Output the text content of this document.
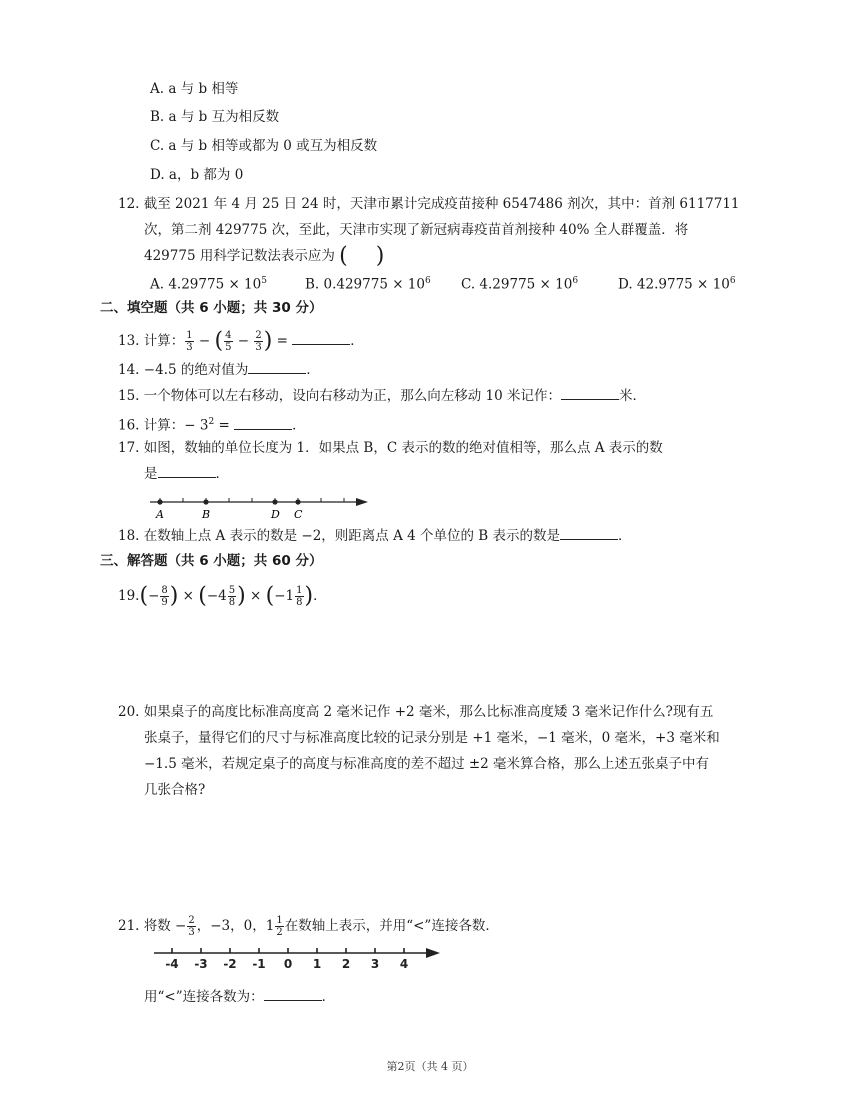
A. a 与 b 相等
B. a 与 b 互为相反数
C. a 与 b 相等或都为 0 或互为相反数
D. a，b 都为 0
12. 截至 2021 年 4 月 25 日 24 时，天津市累计完成疫苗接种 6547486 剂次，其中：首剂 6117711
次，第二剂 429775 次，至此，天津市实现了新冠病毒疫苗首剂接种 40% 全人群覆盖．将
429775 用科学记数法表示应为 ( )
A. $4.29775 \times 10^5$	B. $0.429775 \times 10^6$ C. $4.29775 \times 10^6$	D. $42.9775 \times 10^6$
二、填空题（共 6 小题；共 30 分）
13. 计算： $\frac{1}{3}$ − ( $\frac{4}{5} - \frac{2}{3}$ ) =	．
14. −4.5 的绝对值为	．
15. 一个物体可以左右移动，设向右移动为正，那么向左移动 10 米记作：	米．
16. 计算：− $3^2$ =	．
17. 如图，数轴的单位长度为 1．如果点 B，C 表示的数的绝对值相等，那么点 A 表示的数
是	．
A	B	D C
18. 在数轴上点 A 表示的数是 −2，则距离点 A 4 个单位的 B 表示的数是	．
三、解答题（共 6 小题；共 60 分）
$19.(- \frac{8}{9}$ ) × ($-4 \frac{5}{8}$ ) × ($-1 \frac{1}{8}$ )．
20. 如果桌子的高度比标准高度高 2 毫米记作 +2 毫米，那么比标准高度矮 3 毫米记作什么?现有五
张桌子，量得它们的尺寸与标准高度比较的记录分别是 +1 毫米，−1 毫米，0 毫米，+3 毫米和
−1.5 毫米，若规定桌子的高度与标准高度的差不超过 ±2 毫米算合格，那么上述五张桌子中有
几张合格?
21. 将数 − $\frac{2}{3}$ ，−3，0，$1 \frac{1}{2}$ 在数轴上表示，并用“<”连接各数．
-4 -3 -2 -1 0 1 2 3 4
用“<”连接各数为：	．
第2页（共 4 页）
